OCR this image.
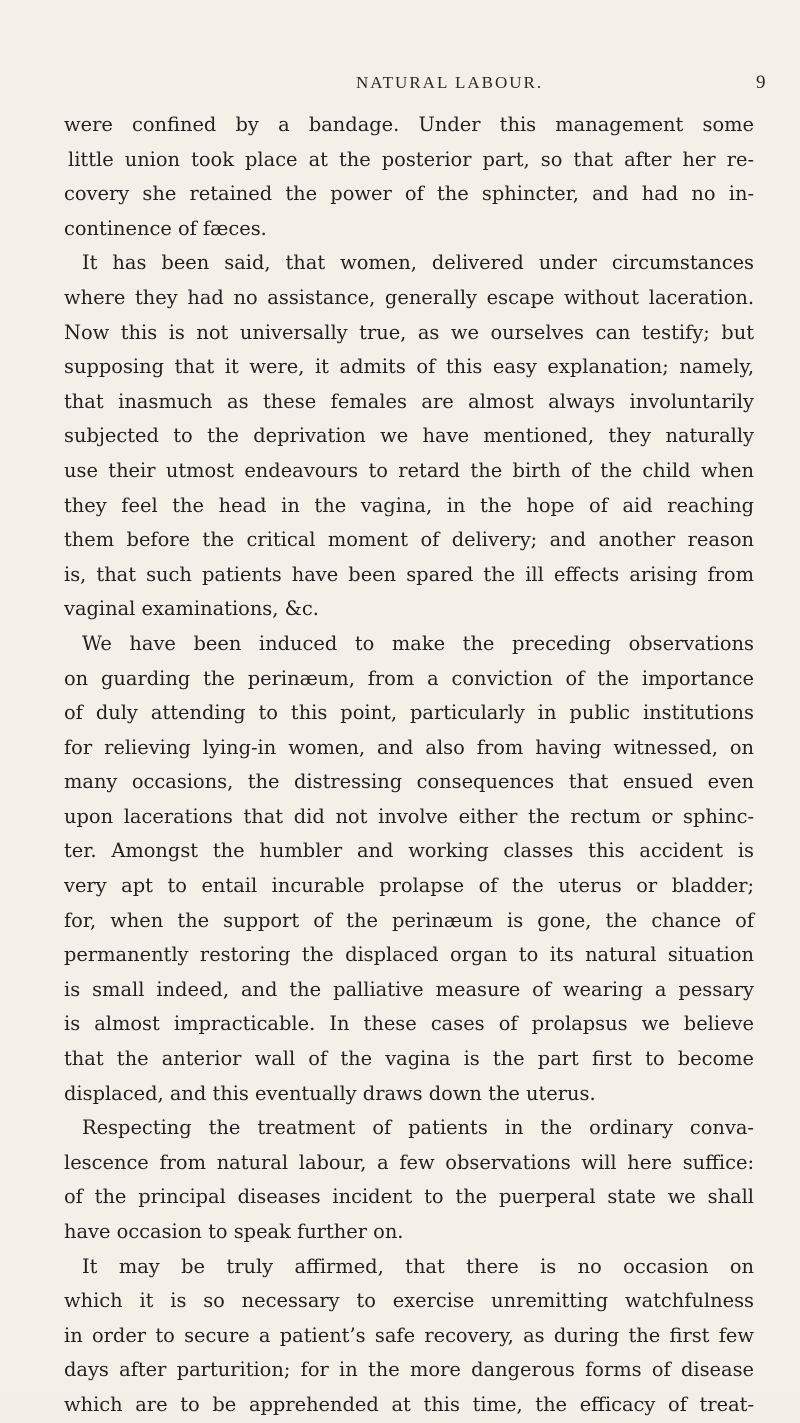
NATURAL LABOUR.	9
were confined by a bandage. Under this management some
little union took place at the posterior part, so that after her re-
covery she retained the power of the sphincter, and had no in-
continence of fæces.
It has been said, that women, delivered under circumstances
where they had no assistance, generally escape without laceration.
Now this is not universally true, as we ourselves can testify; but
supposing that it were, it admits of this easy explanation; namely,
that inasmuch as these females are almost always involuntarily
subjected to the deprivation we have mentioned, they naturally
use their utmost endeavours to retard the birth of the child when
they feel the head in the vagina, in the hope of aid reaching
them before the critical moment of delivery; and another reason
is, that such patients have been spared the ill effects arising from
vaginal examinations, &c.
We have been induced to make the preceding observations
on guarding the perinæum, from a conviction of the importance
of duly attending to this point, particularly in public institutions
for relieving lying-in women, and also from having witnessed, on
many occasions, the distressing consequences that ensued even
upon lacerations that did not involve either the rectum or sphinc-
ter. Amongst the humbler and working classes this accident is
very apt to entail incurable prolapse of the uterus or bladder;
for, when the support of the perinæum is gone, the chance of
permanently restoring the displaced organ to its natural situation
is small indeed, and the palliative measure of wearing a pessary
is almost impracticable. In these cases of prolapsus we believe
that the anterior wall of the vagina is the part first to become
displaced, and this eventually draws down the uterus.
Respecting the treatment of patients in the ordinary conva-
lescence from natural labour, a few observations will here suffice:
of the principal diseases incident to the puerperal state we shall
have occasion to speak further on.
It may be truly affirmed, that there is no occasion on
which it is so necessary to exercise unremitting watchfulness
in order to secure a patient’s safe recovery, as during the first few
days after parturition; for in the more dangerous forms of disease
which are to be apprehended at this time, the efficacy of treat-
